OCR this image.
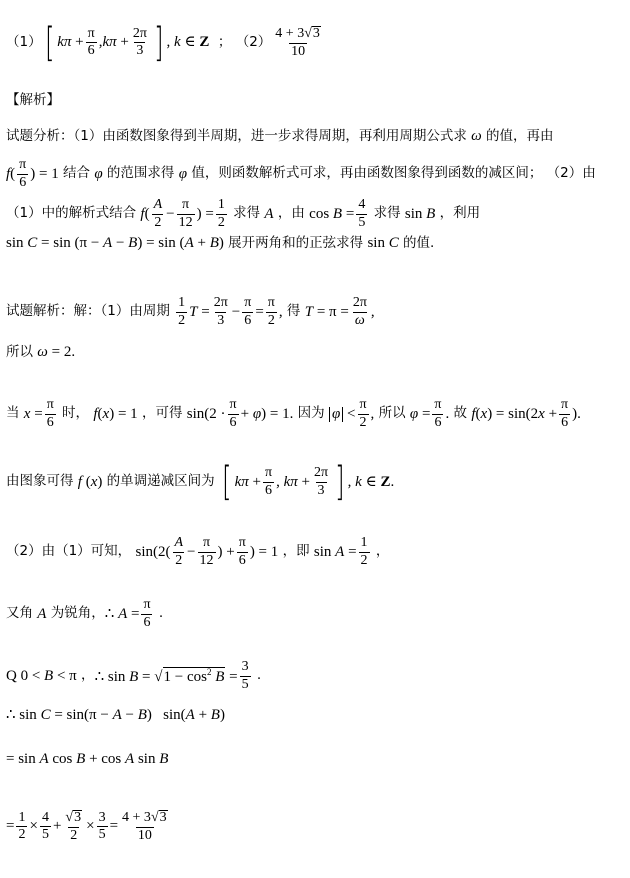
（1） [ $k\pi + \frac{\pi}{6}$ , $k\pi + \frac{2\pi}{3}$ ] , k ∈ Z ； $(2) \frac{4 + 3 √ 3}{10}$
【解析】
试题分析：（1）由函数图象得到半周期，进一步求得周期，再利用周期公式求 ω 的值，再由
f ( $\frac{\pi}{6}$ ) = 1 结合 φ 的范围求得 φ 值，则函数解析式可求，再由函数图象得到函数的减区间； （2）由
（1）中的解析式结合 f ( $\frac{A}{2} - \frac{\pi}{12}$ ) = $\frac{1}{2}$ 求得 A ，由 $\cos B = \frac{4}{5}$ 求得 sin B ，利用
sin C = sin (π − A − B) = sin (A + B) 展开两角和的正弦求得 sin C 的值.
试题解析：解：（1）由周期 $\frac{1}{2}$ $T = \frac{2\pi}{3} - \frac{\pi}{6} = \frac{\pi}{2}$ , 得 $T = \pi = \frac{2\pi}{\omega}$ ,
所以 ω = 2.
当 $x = \frac{\pi}{6}$ 时， f(x) = 1 ，可得 $\sin(2 \cdot \frac{\pi}{6} + \varphi) = 1$. 因为 $\varphi < \frac{\pi}{2}$ , 所以 $\varphi = \frac{\pi}{6}$ . 故 $f(x) = \sin(2x + \frac{\pi}{6}$ ).
由图象可得 f (x) 的单调递减区间为 [ $k\pi + \frac{\pi}{6}$ , $k\pi + \frac{2\pi}{3}$ ] , k ∈ Z.
（2）由（1）可知， $\sin(2( \frac{A}{2} - \frac{\pi}{12}$ ) + $\frac{\pi}{6}$ ) = 1 ，即 $\sin A = \frac{1}{2}$ ，
又角 A 为锐角， ∴ $A = \frac{\pi}{6}$ .
Q 0 < B < π ， ∴ sin B = √ $1 - \cos^2 B = \frac{3}{5}$ .
∴ sin C = sin(π − A − B)   sin(A + B)
= sin A cos B + cos A sin B
= $\frac{1}{2} \times \frac{4}{5} + \frac{√ 3}{2} \times \frac{3}{5} = \frac{4 + 3 √ 3}{10}$
